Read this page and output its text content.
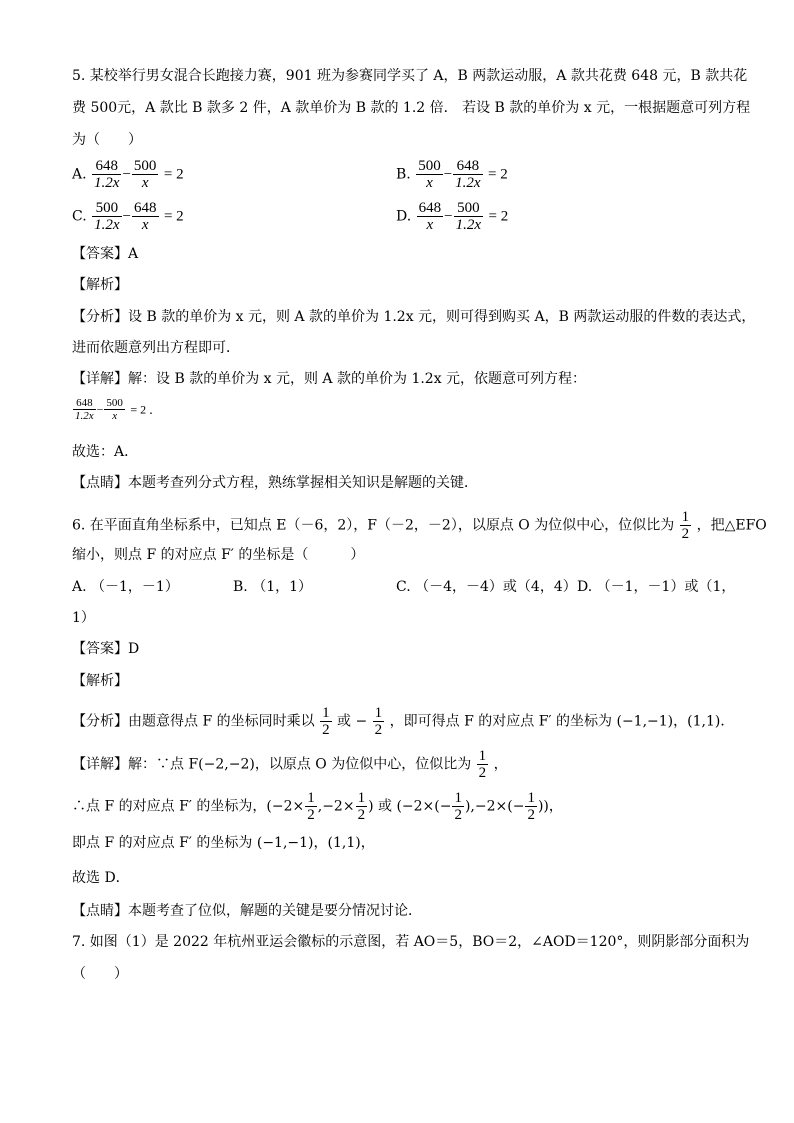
5. 某校举行男女混合长跑接力赛，901 班为参赛同学买了 A，B 两款运动服，A 款共花费 648 元，B 款共花
费 500元，A 款比 B 款多 2 件，A 款单价为 B 款的 1.2 倍． 若设 B 款的单价为 x 元，一根据题意可列方程
为（　　）
A. $\frac{648}{1.2x} - \frac{500}{x} = 2$	B. $\frac{500}{x} - \frac{648}{1.2x} = 2$
C. $\frac{500}{1.2x} - \frac{648}{x} = 2$	D. $\frac{648}{x} - \frac{500}{1.2x} = 2$
【答案】A
【解析】
【分析】设 B 款的单价为 x 元，则 A 款的单价为 1.2x 元，则可得到购买 A，B 两款运动服的件数的表达式，
进而依题意列出方程即可．
【详解】解：设 B 款的单价为 x 元，则 A 款的单价为 1.2x 元，依题意可列方程：
$\frac{648}{1.2x} - \frac{500}{x} = 2$ ．
故选：A．
【点睛】本题考查列分式方程，熟练掌握相关知识是解题的关键．
6. 在平面直角坐标系中，已知点 E（－6，2），F（－2，－2），以原点 O 为位似中心，位似比为 $\frac{1}{2}$ ，把△EFO
缩小，则点 F 的对应点 F′ 的坐标是（　　　）
A. （－1，－1）	B. （1，1）	C. （－4，－4）或（4，4） D. （－1，－1）或（1，
1）
【答案】D
【解析】
【分析】由题意得点 F 的坐标同时乘以 $\frac{1}{2}$ 或 − $\frac{1}{2}$ ，即可得点 F 的对应点 F′ 的坐标为 (−1,−1)，(1,1)．
【详解】解：∵点 F(−2,−2)，以原点 O 为位似中心，位似比为 $\frac{1}{2}$ ，
∴点 F 的对应点 F′ 的坐标为，($-2\times \frac{1}{2} ,-2\times \frac{1}{2}$ ) 或 ($-2\times(- \frac{1}{2} ),-2\times(- \frac{1}{2}$ ))，
即点 F 的对应点 F′ 的坐标为 (−1,−1)，(1,1)，
故选 D．
【点睛】本题考查了位似，解题的关键是要分情况讨论．
7. 如图（1）是 2022 年杭州亚运会徽标的示意图，若 AO＝5，BO＝2，∠AOD＝120°，则阴影部分面积为
（　　）
